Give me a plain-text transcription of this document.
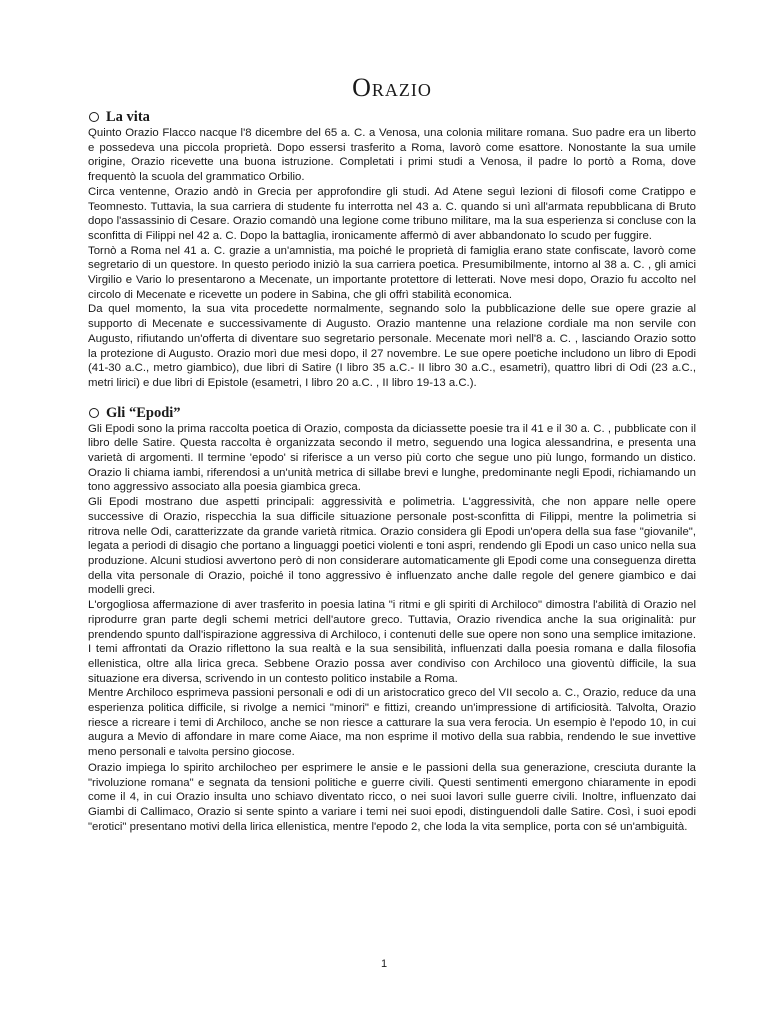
Orazio
La vita

Quinto Orazio Flacco nacque l'8 dicembre del 65 a. C. a Venosa, una colonia militare romana. Suo padre era un liberto e possedeva una piccola proprietà. Dopo essersi trasferito a Roma, lavorò come esattore. Nonostante la sua umile origine, Orazio ricevette una buona istruzione. Completati i primi studi a Venosa, il padre lo portò a Roma, dove frequentò la scuola del grammatico Orbilio.

Circa ventenne, Orazio andò in Grecia per approfondire gli studi. Ad Atene seguì lezioni di filosofi come Cratippo e Teomnesto. Tuttavia, la sua carriera di studente fu interrotta nel 43 a. C. quando si unì all'armata repubblicana di Bruto dopo l'assassinio di Cesare. Orazio comandò una legione come tribuno militare, ma la sua esperienza si concluse con la sconfitta di Filippi nel 42 a. C. Dopo la battaglia, ironicamente affermò di aver abbandonato lo scudo per fuggire.

Tornò a Roma nel 41 a. C. grazie a un'amnistia, ma poiché le proprietà di famiglia erano state confiscate, lavorò come segretario di un questore. In questo periodo iniziò la sua carriera poetica. Presumibilmente, intorno al 38 a. C. , gli amici Virgilio e Vario lo presentarono a Mecenate, un importante protettore di letterati. Nove mesi dopo, Orazio fu accolto nel circolo di Mecenate e ricevette un podere in Sabina, che gli offrì stabilità economica.

Da quel momento, la sua vita procedette normalmente, segnando solo la pubblicazione delle sue opere grazie al supporto di Mecenate e successivamente di Augusto. Orazio mantenne una relazione cordiale ma non servile con Augusto, rifiutando un'offerta di diventare suo segretario personale. Mecenate morì nell'8 a. C. , lasciando Orazio sotto la protezione di Augusto. Orazio morì due mesi dopo, il 27 novembre. Le sue opere poetiche includono un libro di Epodi (41-30 a.C., metro giambico), due libri di Satire (I libro 35 a.C.- II libro 30 a.C., esametri), quattro libri di Odi (23 a.C., metri lirici) e due libri di Epistole (esametri, I libro 20 a.C. , II libro 19-13 a.C.).

Gli “Epodi”

Gli Epodi sono la prima raccolta poetica di Orazio, composta da diciassette poesie tra il 41 e il 30 a. C. , pubblicate con il libro delle Satire. Questa raccolta è organizzata secondo il metro, seguendo una logica alessandrina, e presenta una varietà di argomenti. Il termine 'epodo' si riferisce a un verso più corto che segue uno più lungo, formando un distico. Orazio li chiama iambi, riferendosi a un'unità metrica di sillabe brevi e lunghe, predominante negli Epodi, richiamando un tono aggressivo associato alla poesia giambica greca.

Gli Epodi mostrano due aspetti principali: aggressività e polimetria. L'aggressività, che non appare nelle opere successive di Orazio, rispecchia la sua difficile situazione personale post-sconfitta di Filippi, mentre la polimetria si ritrova nelle Odi, caratterizzate da grande varietà ritmica. Orazio considera gli Epodi un'opera della sua fase "giovanile", legata a periodi di disagio che portano a linguaggi poetici violenti e toni aspri, rendendo gli Epodi un caso unico nella sua produzione. Alcuni studiosi avvertono però di non considerare automaticamente gli Epodi come una conseguenza diretta della vita personale di Orazio, poiché il tono aggressivo è influenzato anche dalle regole del genere giambico e dai modelli greci.

L'orgogliosa affermazione di aver trasferito in poesia latina "i ritmi e gli spiriti di Archiloco" dimostra l'abilità di Orazio nel riprodurre gran parte degli schemi metrici dell'autore greco. Tuttavia, Orazio rivendica anche la sua originalità: pur prendendo spunto dall'ispirazione aggressiva di Archiloco, i contenuti delle sue opere non sono una semplice imitazione. I temi affrontati da Orazio riflettono la sua realtà e la sua sensibilità, influenzati dalla poesia romana e dalla filosofia ellenistica, oltre alla lirica greca. Sebbene Orazio possa aver condiviso con Archiloco una gioventù difficile, la sua situazione era diversa, scrivendo in un contesto politico instabile a Roma.

Mentre Archiloco esprimeva passioni personali e odi di un aristocratico greco del VII secolo a. C., Orazio, reduce da una esperienza politica difficile, si rivolge a nemici "minori" e fittizi, creando un'impressione di artificiosità. Talvolta, Orazio riesce a ricreare i temi di Archiloco, anche se non riesce a catturare la sua vera ferocia. Un esempio è l'epodo 10, in cui augura a Mevio di affondare in mare come Aiace, ma non esprime il motivo della sua rabbia, rendendo le sue invettive meno personali e talvolta persino giocose.

Orazio impiega lo spirito archilocheo per esprimere le ansie e le passioni della sua generazione, cresciuta durante la "rivoluzione romana" e segnata da tensioni politiche e guerre civili. Questi sentimenti emergono chiaramente in epodi come il 4, in cui Orazio insulta uno schiavo diventato ricco, o nei suoi lavori sulle guerre civili. Inoltre, influenzato dai Giambi di Callimaco, Orazio si sente spinto a variare i temi nei suoi epodi, distinguendoli dalle Satire. Così, i suoi epodi "erotici" presentano motivi della lirica ellenistica, mentre l'epodo 2, che loda la vita semplice, porta con sé un'ambiguità.

1
